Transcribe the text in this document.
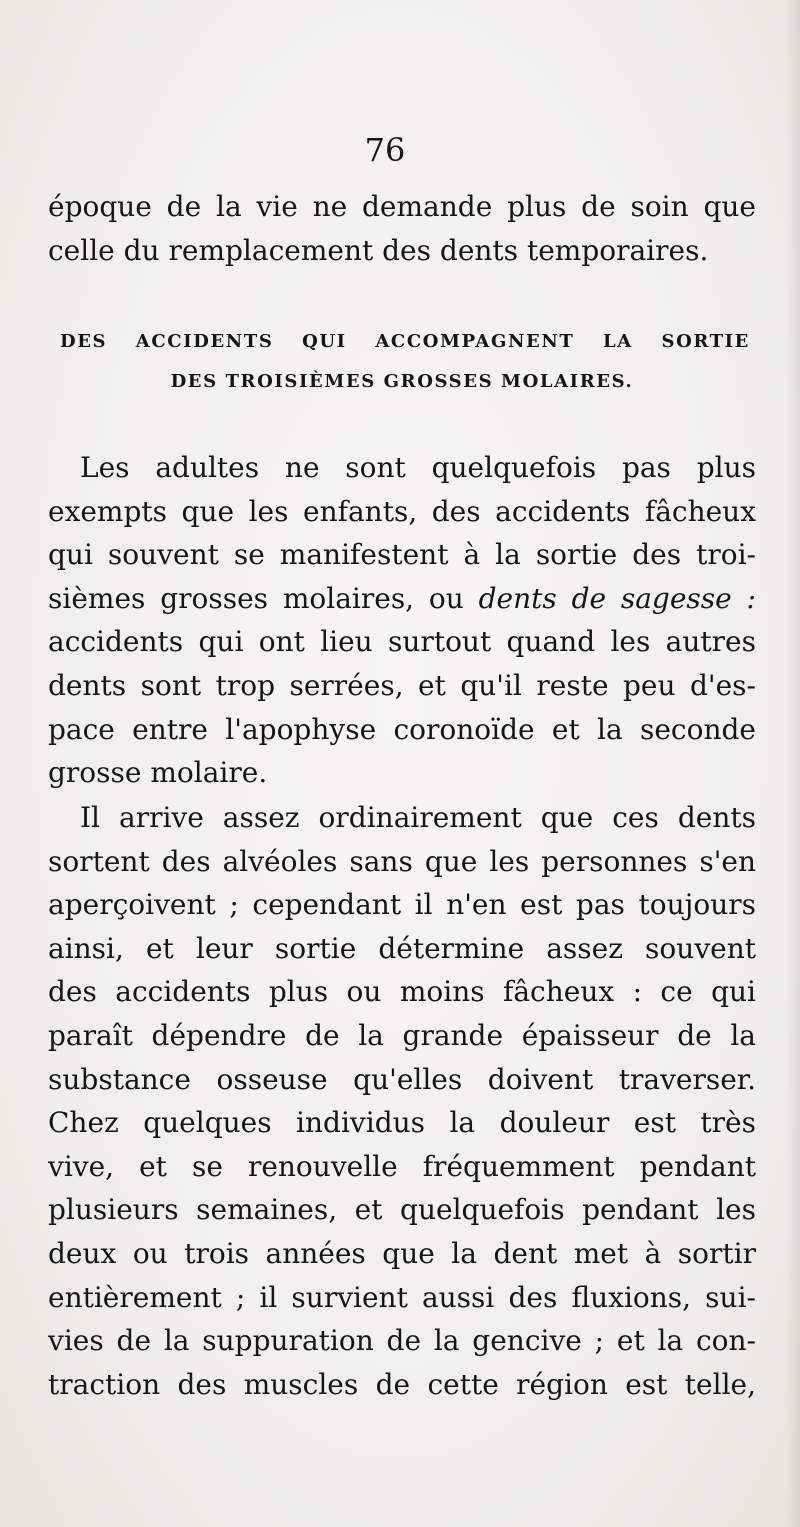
76
époque de la vie ne demande plus de soin que
celle du remplacement des dents temporaires.
DES ACCIDENTS QUI ACCOMPAGNENT LA SORTIE
DES TROISIÈMES GROSSES MOLAIRES.
Les adultes ne sont quelquefois pas plus
exempts que les enfants, des accidents fâcheux
qui souvent se manifestent à la sortie des troi-
sièmes grosses molaires, ou dents de sagesse :
accidents qui ont lieu surtout quand les autres
dents sont trop serrées, et qu'il reste peu d'es-
pace entre l'apophyse coronoïde et la seconde
grosse molaire.
Il arrive assez ordinairement que ces dents
sortent des alvéoles sans que les personnes s'en
aperçoivent ; cependant il n'en est pas toujours
ainsi, et leur sortie détermine assez souvent
des accidents plus ou moins fâcheux : ce qui
paraît dépendre de la grande épaisseur de la
substance osseuse qu'elles doivent traverser.
Chez quelques individus la douleur est très
vive, et se renouvelle fréquemment pendant
plusieurs semaines, et quelquefois pendant les
deux ou trois années que la dent met à sortir
entièrement ; il survient aussi des fluxions, sui-
vies de la suppuration de la gencive ; et la con-
traction des muscles de cette région est telle,
